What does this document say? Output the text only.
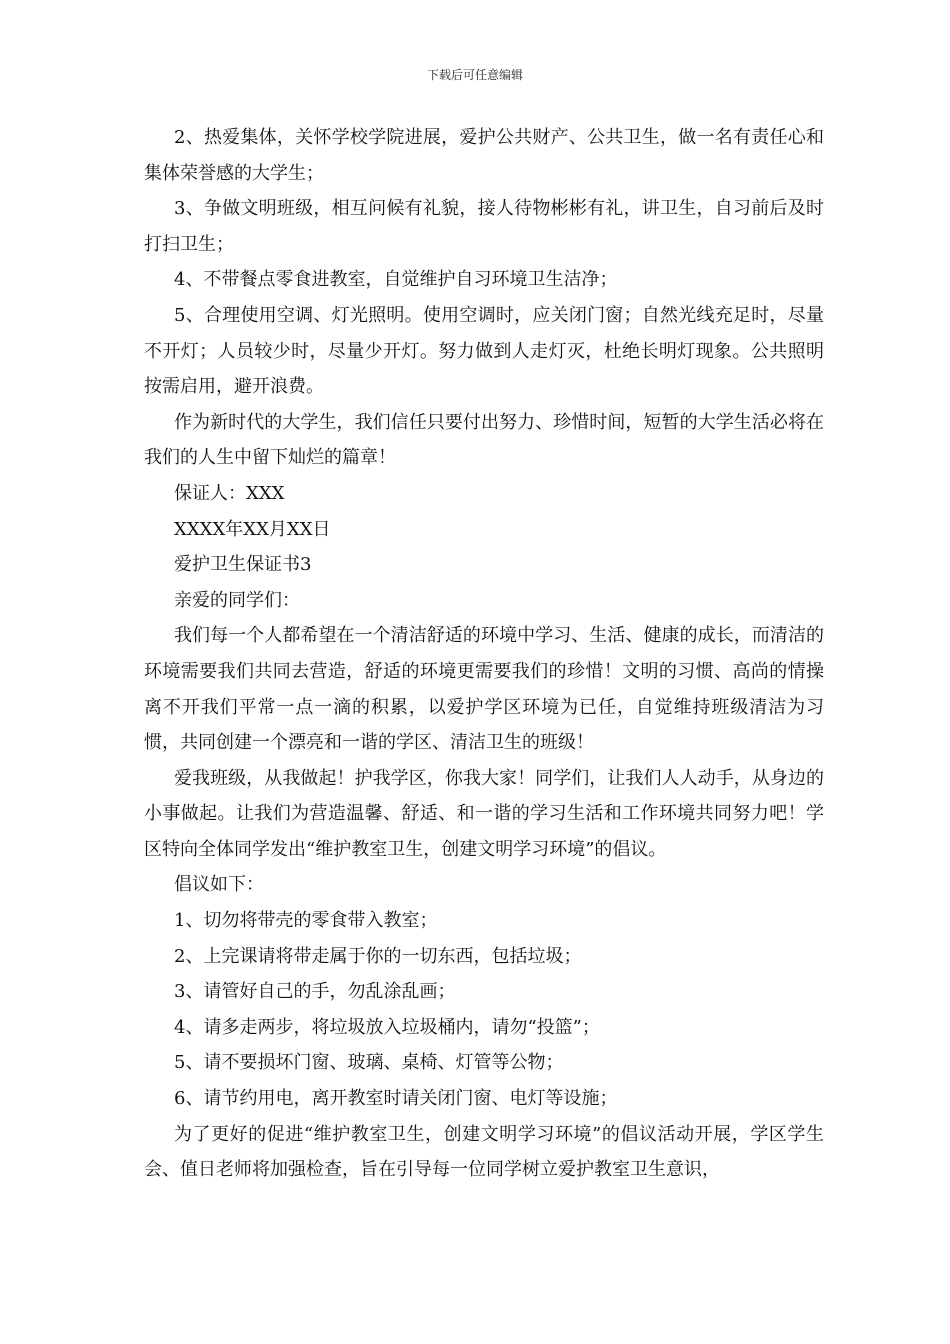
下载后可任意编辑

2、热爱集体，关怀学校学院进展，爱护公共财产、公共卫生，做一名有责任心和集体荣誉感的大学生；

3、争做文明班级，相互问候有礼貌，接人待物彬彬有礼，讲卫生，自习前后及时打扫卫生；

4、不带餐点零食进教室，自觉维护自习环境卫生洁净；

5、合理使用空调、灯光照明。使用空调时，应关闭门窗；自然光线充足时，尽量不开灯；人员较少时，尽量少开灯。努力做到人走灯灭，杜绝长明灯现象。公共照明按需启用，避开浪费。

作为新时代的大学生，我们信任只要付出努力、珍惜时间，短暂的大学生活必将在我们的人生中留下灿烂的篇章！

保证人：XXX

XXXX年XX月XX日

爱护卫生保证书3

亲爱的同学们：

我们每一个人都希望在一个清洁舒适的环境中学习、生活、健康的成长，而清洁的环境需要我们共同去营造，舒适的环境更需要我们的珍惜！文明的习惯、高尚的情操离不开我们平常一点一滴的积累，以爱护学区环境为已任，自觉维持班级清洁为习惯，共同创建一个漂亮和一谐的学区、清洁卫生的班级！

爱我班级，从我做起！护我学区，你我大家！同学们，让我们人人动手，从身边的小事做起。让我们为营造温馨、舒适、和一谐的学习生活和工作环境共同努力吧！学区特向全体同学发出“维护教室卫生，创建文明学习环境”的倡议。

倡议如下：

1、切勿将带壳的零食带入教室；

2、上完课请将带走属于你的一切东西，包括垃圾；

3、请管好自己的手，勿乱涂乱画；

4、请多走两步，将垃圾放入垃圾桶内，请勿“投篮”；

5、请不要损坏门窗、玻璃、桌椅、灯管等公物；

6、请节约用电，离开教室时请关闭门窗、电灯等设施；

为了更好的促进“维护教室卫生，创建文明学习环境”的倡议活动开展，学区学生会、值日老师将加强检查，旨在引导每一位同学树立爱护教室卫生意识，
